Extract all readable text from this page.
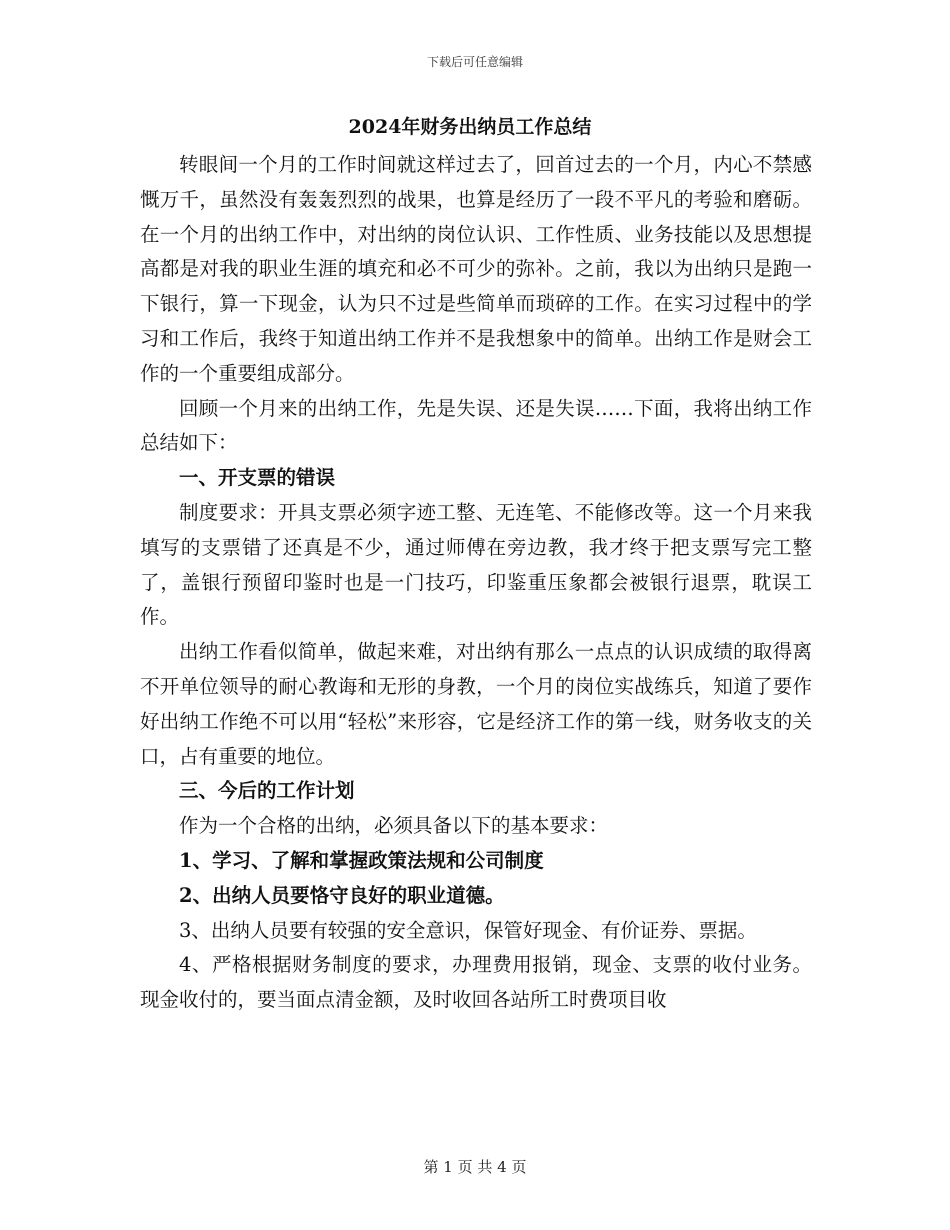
下载后可任意编辑
2024年财务出纳员工作总结

转眼间一个月的工作时间就这样过去了，回首过去的一个月，内心不禁感慨万千，虽然没有轰轰烈烈的战果，也算是经历了一段不平凡的考验和磨砺。在一个月的出纳工作中，对出纳的岗位认识、工作性质、业务技能以及思想提高都是对我的职业生涯的填充和必不可少的弥补。之前，我以为出纳只是跑一下银行，算一下现金，认为只不过是些简单而琐碎的工作。在实习过程中的学习和工作后，我终于知道出纳工作并不是我想象中的简单。出纳工作是财会工作的一个重要组成部分。

回顾一个月来的出纳工作，先是失误、还是失误……下面，我将出纳工作总结如下：

一、开支票的错误

制度要求：开具支票必须字迹工整、无连笔、不能修改等。这一个月来我填写的支票错了还真是不少，通过师傅在旁边教，我才终于把支票写完工整了，盖银行预留印鉴时也是一门技巧，印鉴重压象都会被银行退票，耽误工作。

出纳工作看似简单，做起来难，对出纳有那么一点点的认识成绩的取得离不开单位领导的耐心教诲和无形的身教，一个月的岗位实战练兵，知道了要作好出纳工作绝不可以用“轻松”来形容，它是经济工作的第一线，财务收支的关口，占有重要的地位。

三、今后的工作计划

作为一个合格的出纳，必须具备以下的基本要求：

1、学习、了解和掌握政策法规和公司制度

2、出纳人员要恪守良好的职业道德。

3、出纳人员要有较强的安全意识，保管好现金、有价证券、票据。

4、严格根据财务制度的要求，办理费用报销，现金、支票的收付业务。现金收付的，要当面点清金额，及时收回各站所工时费项目收

第 1 页 共 4 页
